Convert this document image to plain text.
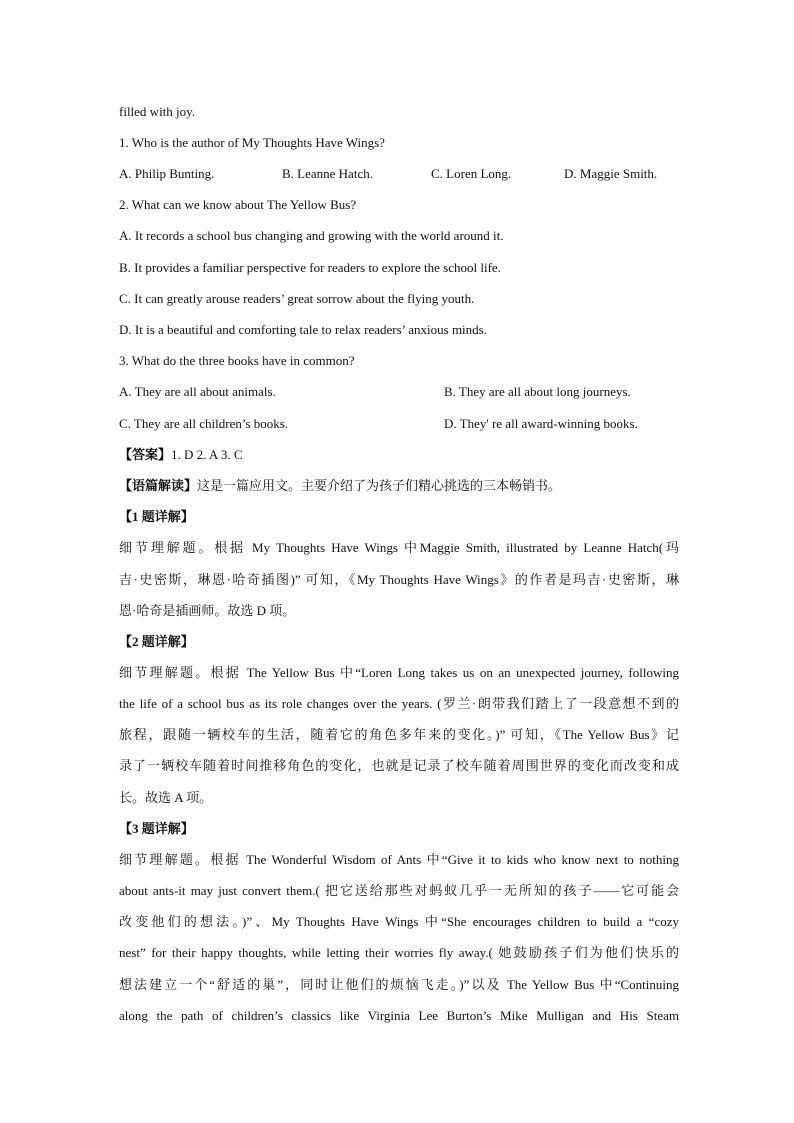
filled with joy.
1. Who is the author of My Thoughts Have Wings?
A. Philip Bunting.	B. Leanne Hatch.	C. Loren Long.	D. Maggie Smith.
2. What can we know about The Yellow Bus?
A. It records a school bus changing and growing with the world around it.
B. It provides a familiar perspective for readers to explore the school life.
C. It can greatly arouse readers’ great sorrow about the flying youth.
D. It is a beautiful and comforting tale to relax readers’ anxious minds.
3. What do the three books have in common?
A. They are all about animals.	B. They are all about long journeys.
C. They are all children’s books.	D. They' re all award-winning books.
【答案】1. D 2. A 3. C
【语篇解读】这是一篇应用文。主要介绍了为孩子们精心挑选的三本畅销书。
【1 题详解】
细节理解题。根据 My Thoughts Have Wings 中Maggie Smith, illustrated by Leanne Hatch(玛
吉·史密斯，琳恩·哈奇插图)” 可知，《My Thoughts Have Wings》的作者是玛吉·史密斯，琳
恩·哈奇是插画师。故选 D 项。
【2 题详解】
细节理解题。根据 The Yellow Bus 中“Loren Long takes us on an unexpected journey, following
the life of a school bus as its role changes over the years. (罗兰·朗带我们踏上了一段意想不到的
旅程，跟随一辆校车的生活，随着它的角色多年来的变化。)” 可知，《The Yellow Bus》记
录了一辆校车随着时间推移角色的变化，也就是记录了校车随着周围世界的变化而改变和成
长。故选 A 项。
【3 题详解】
细节理解题。根据 The Wonderful Wisdom of Ants 中“Give it to kids who know next to nothing
about ants-it may just convert them.( 把它送给那些对蚂蚁几乎一无所知的孩子——它可能会
改变他们的想法。)”、My Thoughts Have Wings 中“She encourages children to build a “cozy
nest” for their happy thoughts, while letting their worries fly away.( 她鼓励孩子们为他们快乐的
想法建立一个“舒适的巢”，同时让他们的烦恼飞走。)”以及 The Yellow Bus 中“Continuing
along the path of children’s classics like Virginia Lee Burton’s Mike Mulligan and His Steam
